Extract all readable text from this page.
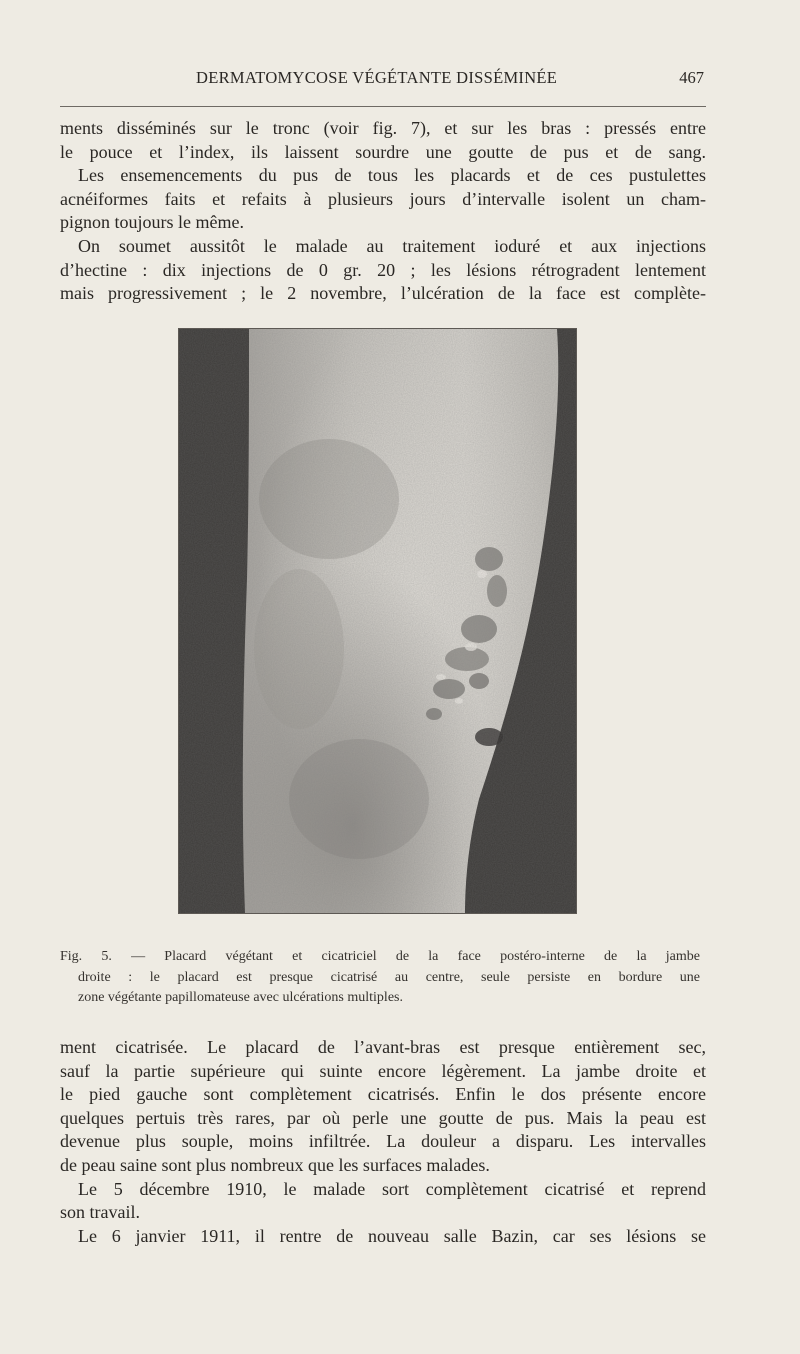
DERMATOMYCOSE VÉGÉTANTE DISSÉMINÉE	467
ments disséminés sur le tronc (voir fig. 7), et sur les bras : pressés entre
le pouce et l’index, ils laissent sourdre une goutte de pus et de sang.
Les ensemencements du pus de tous les placards et de ces pustulettes
acnéiformes faits et refaits à plusieurs jours d’intervalle isolent un cham-
pignon toujours le même.
On soumet aussitôt le malade au traitement ioduré et aux injections
d’hectine : dix injections de 0 gr. 20 ; les lésions rétrogradent lentement
mais progressivement ; le 2 novembre, l’ulcération de la face est complète-
Fig. 5. — Placard végétant et cicatriciel de la face postéro-interne de la jambe
droite : le placard est presque cicatrisé au centre, seule persiste en bordure une
zone végétante papillomateuse avec ulcérations multiples.
ment cicatrisée. Le placard de l’avant-bras est presque entièrement sec,
sauf la partie supérieure qui suinte encore légèrement. La jambe droite et
le pied gauche sont complètement cicatrisés. Enfin le dos présente encore
quelques pertuis très rares, par où perle une goutte de pus. Mais la peau est
devenue plus souple, moins infiltrée. La douleur a disparu. Les intervalles
de peau saine sont plus nombreux que les surfaces malades.
Le 5 décembre 1910, le malade sort complètement cicatrisé et reprend
son travail.
Le 6 janvier 1911, il rentre de nouveau salle Bazin, car ses lésions se
